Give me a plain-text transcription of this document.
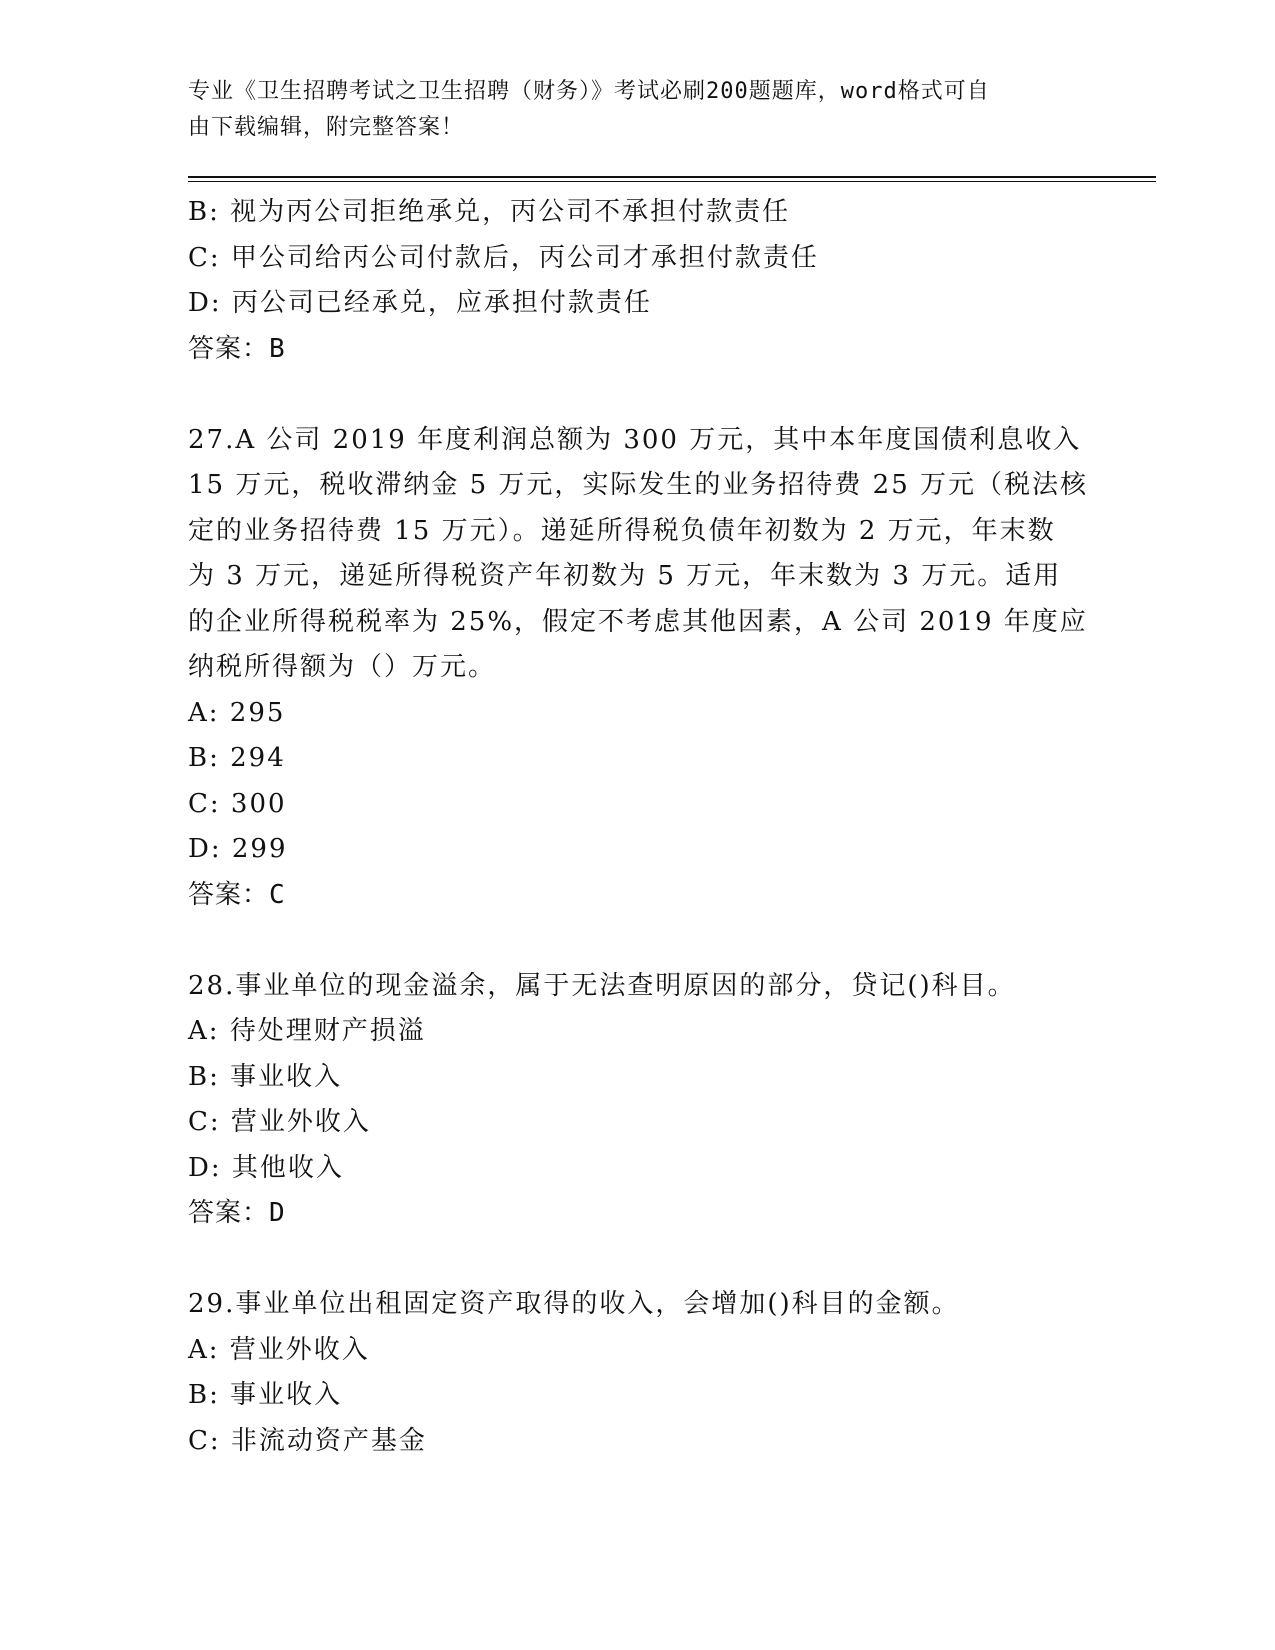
专业《卫生招聘考试之卫生招聘（财务）》考试必刷200题题库，word格式可自
由下载编辑，附完整答案！
B: 视为丙公司拒绝承兑，丙公司不承担付款责任
C: 甲公司给丙公司付款后，丙公司才承担付款责任
D: 丙公司已经承兑，应承担付款责任
答案：B
27.A 公司 2019 年度利润总额为 300 万元，其中本年度国债利息收入
15 万元，税收滞纳金 5 万元，实际发生的业务招待费 25 万元（税法核
定的业务招待费 15 万元）。递延所得税负债年初数为 2 万元，年末数
为 3 万元，递延所得税资产年初数为 5 万元，年末数为 3 万元。适用
的企业所得税税率为 25%，假定不考虑其他因素，A 公司 2019 年度应
纳税所得额为（）万元。
A: 295
B: 294
C: 300
D: 299
答案：C
28.事业单位的现金溢余，属于无法查明原因的部分，贷记()科目。
A: 待处理财产损溢
B: 事业收入
C: 营业外收入
D: 其他收入
答案：D
29.事业单位出租固定资产取得的收入，会增加()科目的金额。
A: 营业外收入
B: 事业收入
C: 非流动资产基金
